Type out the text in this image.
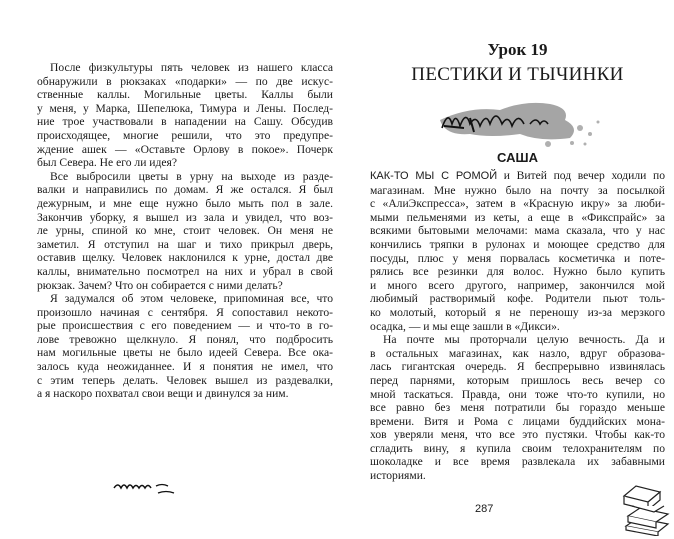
После физкультуры пять человек из нашего класса
обнаружили в рюкзаках «подарки» — по две искус-
ственные каллы. Могильные цветы. Каллы были
у меня, у Марка, Шепелюка, Тимура и Лены. Послед-
ние трое участвовали в нападении на Сашу. Обсудив
происходящее, многие решили, что это предупре-
ждение ашек — «Оставьте Орлову в покое». Почерк
был Севера. Не его ли идея?
Все выбросили цветы в урну на выходе из разде-
валки и направились по домам. Я же остался. Я был
дежурным, и мне еще нужно было мыть пол в зале.
Закончив уборку, я вышел из зала и увидел, что воз-
ле урны, спиной ко мне, стоит человек. Он меня не
заметил. Я отступил на шаг и тихо прикрыл дверь,
оставив щелку. Человек наклонился к урне, достал две
каллы, внимательно посмотрел на них и убрал в свой
рюкзак. Зачем? Что он собирается с ними делать?
Я задумался об этом человеке, припоминая все, что
произошло начиная с сентября. Я сопоставил некото-
рые происшествия с его поведением — и что-то в го-
лове тревожно щелкнуло. Я понял, что подбросить
нам могильные цветы не было идеей Севера. Все ока-
залось куда неожиданнее. И я понятия не имел, что
с этим теперь делать. Человек вышел из раздевалки,
а я наскоро похватал свои вещи и двинулся за ним.
Урок 19
ПЕСТИКИ И ТЫЧИНКИ
САША
КАК-ТО МЫ С РОМОЙ и Витей под вечер ходили по
магазинам. Мне нужно было на почту за посылкой
с «АлиЭкспресса», затем в «Красную икру» за люби-
мыми пельменями из кеты, а еще в «Фикспрайс» за
всякими бытовыми мелочами: мама сказала, что у нас
кончились тряпки в рулонах и моющее средство для
посуды, плюс у меня порвалась косметичка и поте-
рялись все резинки для волос. Нужно было купить
и много всего другого, например, закончился мой
любимый растворимый кофе. Родители пьют толь-
ко молотый, который я не переношу из-за мерзкого
осадка, — и мы еще зашли в «Дикси».
На почте мы проторчали целую вечность. Да и
в остальных магазинах, как назло, вдруг образова-
лась гигантская очередь. Я беспрерывно извинялась
перед парнями, которым пришлось весь вечер со
мной таскаться. Правда, они тоже что-то купили, но
все равно без меня потратили бы гораздо меньше
времени. Витя и Рома с лицами буддийских мона-
хов уверяли меня, что все это пустяки. Чтобы как-то
сгладить вину, я купила своим телохранителям по
шоколадке и все время развлекала их забавными
историями.
287
